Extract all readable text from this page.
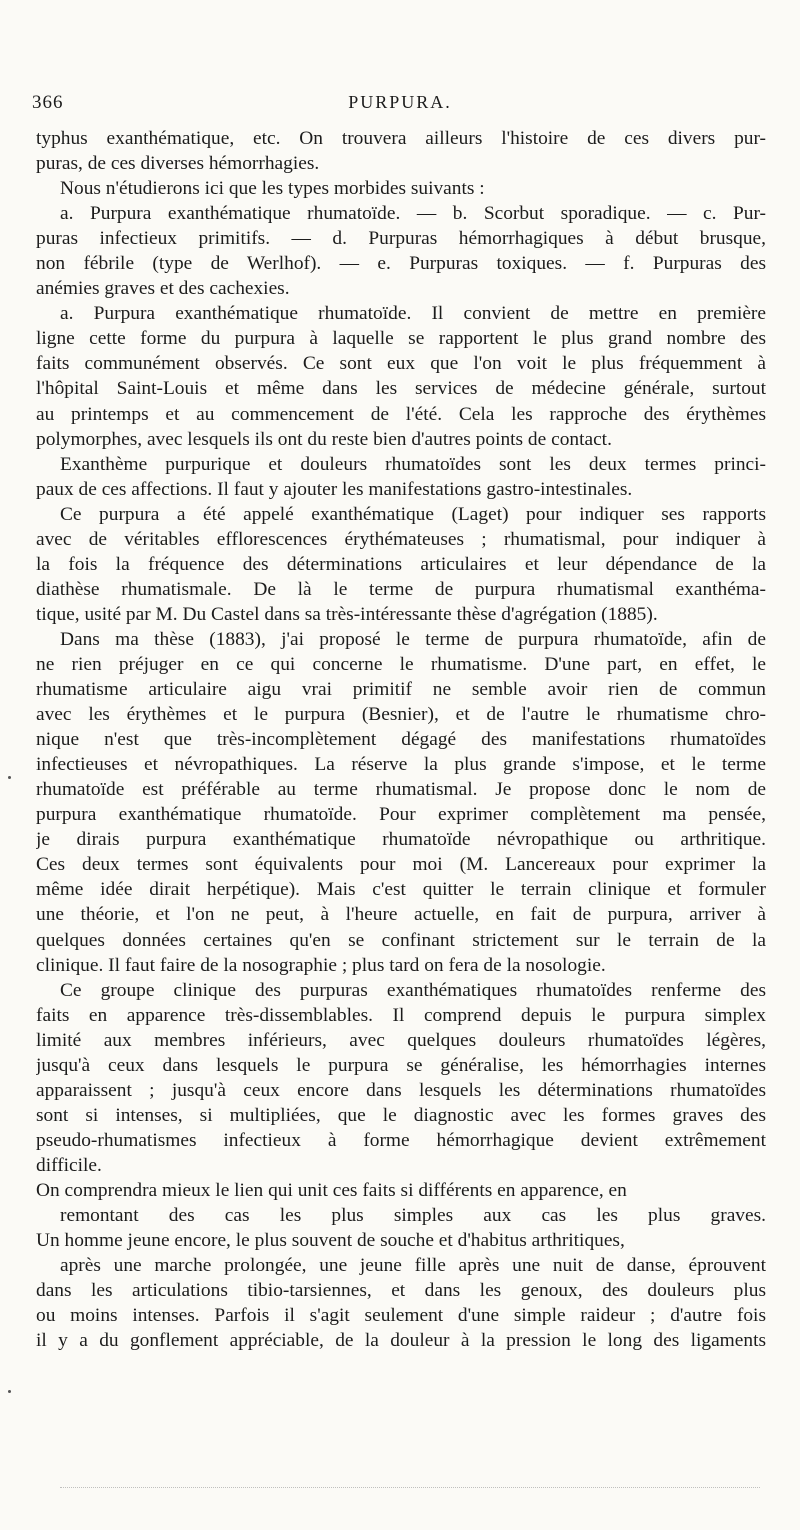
366	PURPURA.
typhus exanthématique, etc. On trouvera ailleurs l'histoire de ces divers pur-
puras, de ces diverses hémorrhagies.
Nous n'étudierons ici que les types morbides suivants :
a. Purpura exanthématique rhumatoïde. — b. Scorbut sporadique. — c. Pur-
puras infectieux primitifs. — d. Purpuras hémorrhagiques à début brusque,
non fébrile (type de Werlhof). — e. Purpuras toxiques. — f. Purpuras des
anémies graves et des cachexies.
a. Purpura exanthématique rhumatoïde. Il convient de mettre en première
ligne cette forme du purpura à laquelle se rapportent le plus grand nombre des
faits communément observés. Ce sont eux que l'on voit le plus fréquemment à
l'hôpital Saint-Louis et même dans les services de médecine générale, surtout
au printemps et au commencement de l'été. Cela les rapproche des érythèmes
polymorphes, avec lesquels ils ont du reste bien d'autres points de contact.
Exanthème purpurique et douleurs rhumatoïdes sont les deux termes princi-
paux de ces affections. Il faut y ajouter les manifestations gastro-intestinales.
Ce purpura a été appelé exanthématique (Laget) pour indiquer ses rapports
avec de véritables efflorescences érythémateuses ; rhumatismal, pour indiquer à
la fois la fréquence des déterminations articulaires et leur dépendance de la
diathèse rhumatismale. De là le terme de purpura rhumatismal exanthéma-
tique, usité par M. Du Castel dans sa très-intéressante thèse d'agrégation (1885).
Dans ma thèse (1883), j'ai proposé le terme de purpura rhumatoïde, afin de
ne rien préjuger en ce qui concerne le rhumatisme. D'une part, en effet, le
rhumatisme articulaire aigu vrai primitif ne semble avoir rien de commun
avec les érythèmes et le purpura (Besnier), et de l'autre le rhumatisme chro-
nique n'est que très-incomplètement dégagé des manifestations rhumatoïdes
infectieuses et névropathiques. La réserve la plus grande s'impose, et le terme
rhumatoïde est préférable au terme rhumatismal. Je propose donc le nom de
purpura exanthématique rhumatoïde. Pour exprimer complètement ma pensée,
je dirais purpura exanthématique rhumatoïde névropathique ou arthritique.
Ces deux termes sont équivalents pour moi (M. Lancereaux pour exprimer la
même idée dirait herpétique). Mais c'est quitter le terrain clinique et formuler
une théorie, et l'on ne peut, à l'heure actuelle, en fait de purpura, arriver à
quelques données certaines qu'en se confinant strictement sur le terrain de la
clinique. Il faut faire de la nosographie ; plus tard on fera de la nosologie.
Ce groupe clinique des purpuras exanthématiques rhumatoïdes renferme des
faits en apparence très-dissemblables. Il comprend depuis le purpura simplex
limité aux membres inférieurs, avec quelques douleurs rhumatoïdes légères,
jusqu'à ceux dans lesquels le purpura se généralise, les hémorrhagies internes
apparaissent ; jusqu'à ceux encore dans lesquels les déterminations rhumatoïdes
sont si intenses, si multipliées, que le diagnostic avec les formes graves des
pseudo-rhumatismes infectieux à forme hémorrhagique devient extrêmement
difficile.
On comprendra mieux le lien qui unit ces faits si différents en apparence, en
remontant des cas les plus simples aux cas les plus graves.
Un homme jeune encore, le plus souvent de souche et d'habitus arthritiques,
après une marche prolongée, une jeune fille après une nuit de danse, éprouvent
dans les articulations tibio-tarsiennes, et dans les genoux, des douleurs plus
ou moins intenses. Parfois il s'agit seulement d'une simple raideur ; d'autre fois
il y a du gonflement appréciable, de la douleur à la pression le long des ligaments
